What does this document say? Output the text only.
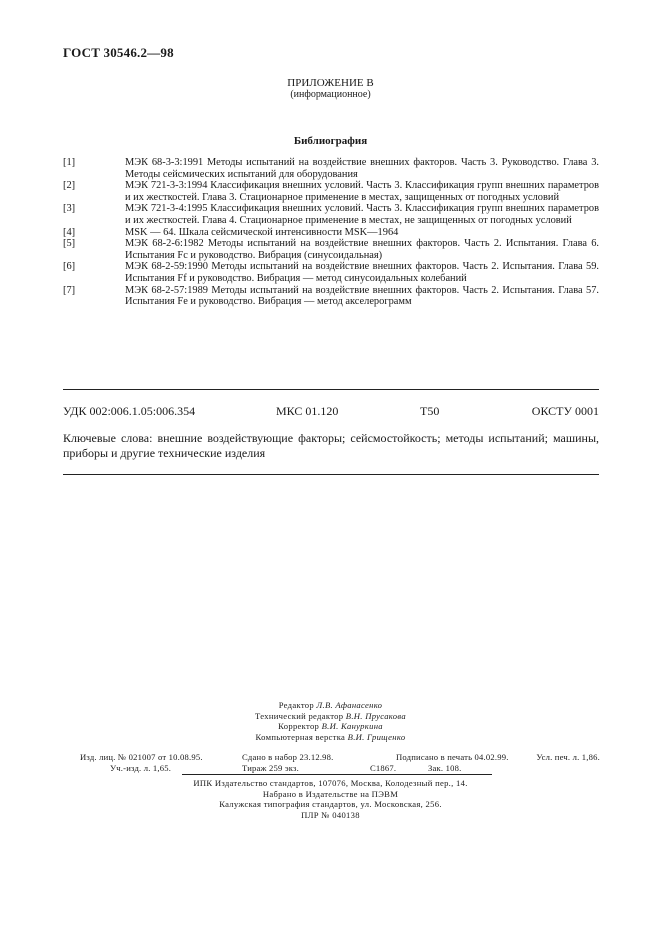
ГОСТ 30546.2—98
ПРИЛОЖЕНИЕ В
(информационное)
Библиография
[1]	МЭК 68-3-3:1991 Методы испытаний на воздействие внешних факторов. Часть 3. Руководство. Глава 3. Методы сейсмических испытаний для оборудования
[2]	МЭК 721-3-3:1994 Классификация внешних условий. Часть 3. Классификация групп внешних параметров и их жесткостей. Глава 3. Стационарное применение в местах, защищенных от погодных условий
[3]	МЭК 721-3-4:1995 Классификация внешних условий. Часть 3. Классификация групп внешних параметров и их жесткостей. Глава 4. Стационарное применение в местах, не защищенных от погодных условий
[4]	MSK — 64. Шкала сейсмической интенсивности MSK—1964
[5]	МЭК 68-2-6:1982 Методы испытаний на воздействие внешних факторов. Часть 2. Испытания. Глава 6. Испытания Fc и руководство. Вибрация (синусоидальная)
[6]	МЭК 68-2-59:1990 Методы испытаний на воздействие внешних факторов. Часть 2. Испытания. Глава 59. Испытания Ff и руководство. Вибрация — метод синусоидальных колебаний
[7]	МЭК 68-2-57:1989 Методы испытаний на воздействие внешних факторов. Часть 2. Испытания. Глава 57. Испытания Fe и руководство. Вибрация — метод акселерограмм
УДК 002:006.1.05:006.354	МКС 01.120	T50	ОКСТУ 0001
Ключевые слова: внешние воздействующие факторы; сейсмостойкость; методы испытаний; машины, приборы и другие технические изделия
Редактор Л.В. Афанасенко
Технический редактор В.Н. Прусакова
Корректор В.И. Кануркина
Компьютерная верстка В.И. Грищенко
Изд. лиц. № 021007 от 10.08.95.	Сдано в набор 23.12.98.	Подписано в печать 04.02.99.	Усл. печ. л. 1,86.
Уч.-изд. л. 1,65.	Тираж 259 экз.	С1867.	Зак. 108.
ИПК Издательство стандартов, 107076, Москва, Колодезный пер., 14.
Набрано в Издательстве на ПЭВМ
Калужская типография стандартов, ул. Московская, 256.
ПЛР № 040138
